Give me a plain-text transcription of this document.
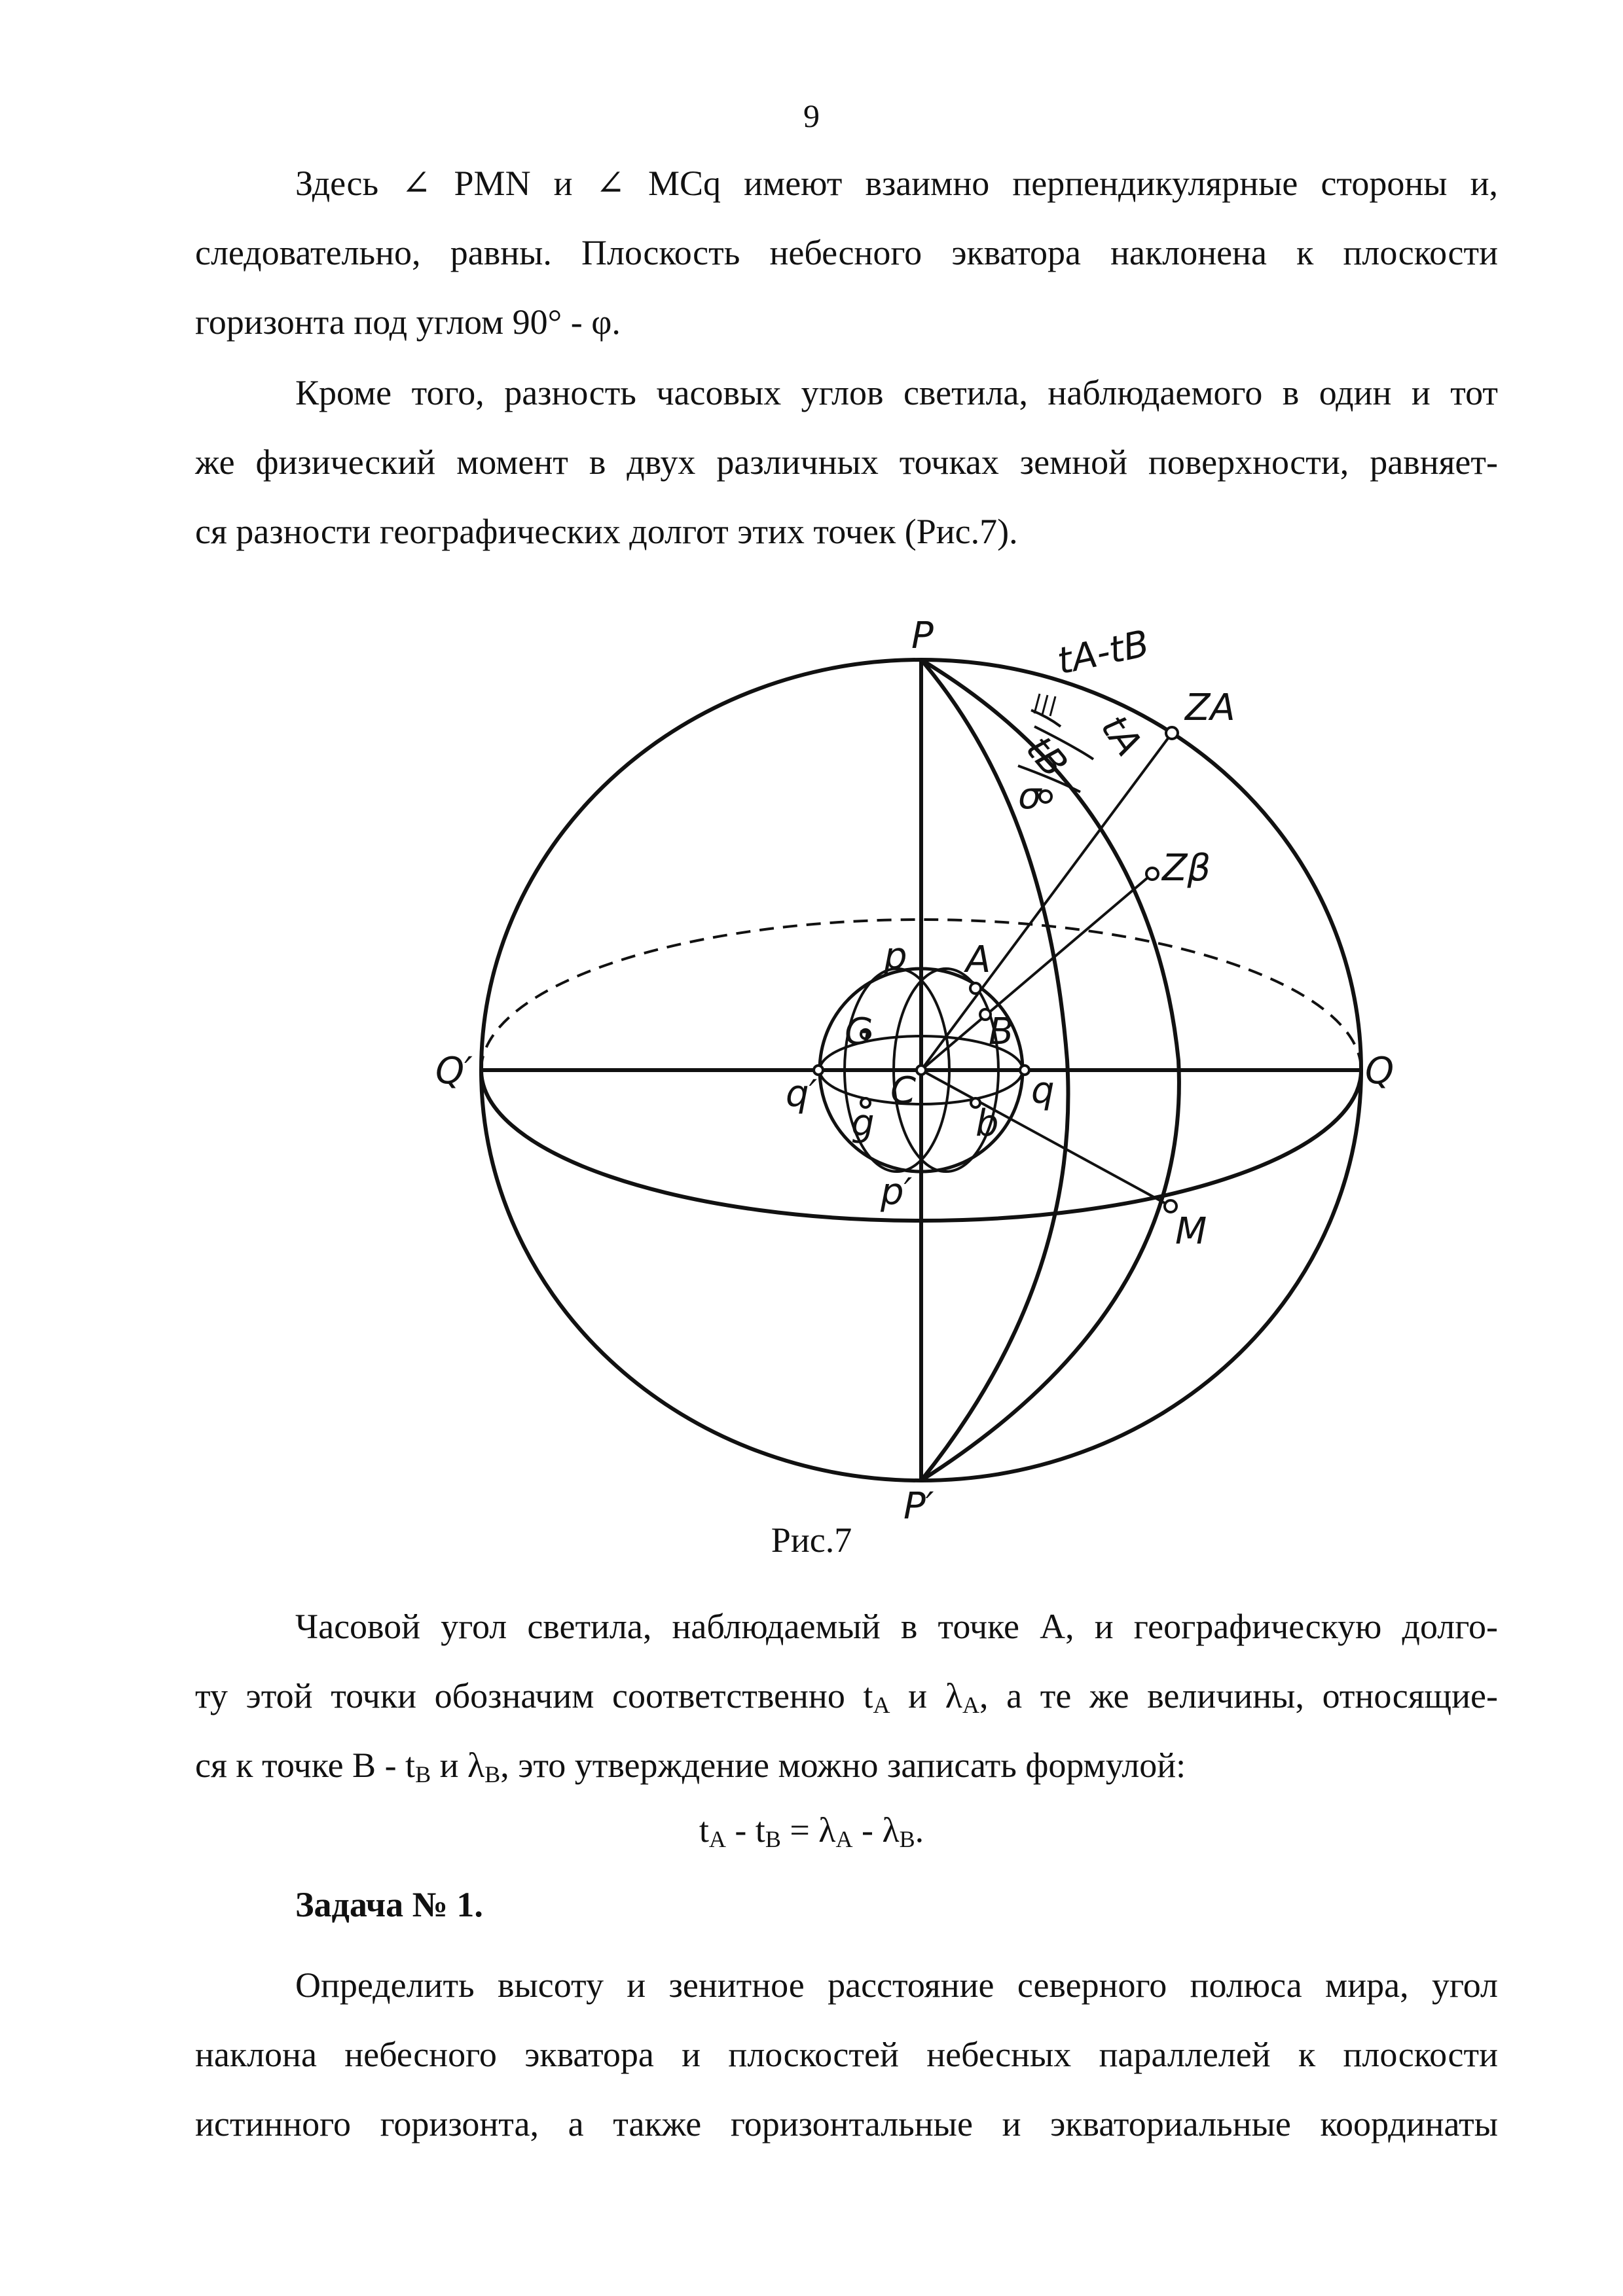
9

Здесь ∠ PMN и ∠ MCq имеют взаимно перпендикулярные стороны и,
следовательно, равны. Плоскость небесного экватора наклонена к плоскости
горизонта под углом 90° - φ.

Кроме того, разность часовых углов светила, наблюдаемого в один и тот
же физический момент в двух различных точках земной поверхности, равняет-
ся разности географических долгот этих точек (Рис.7).

P
P′
Q
Q′
tA-tB
tB tA ZA
σ
Zβ
M
p A
G	B
C	q
q′
g	b
p′
Рис.7

Часовой угол светила, наблюдаемый в точке А, и географическую долго-
ту этой точки обозначим соответственно $t_A$ и $\lambda_A$, а те же величины, относящие-
ся к точке В - $t_B$ и $\lambda_B$, это утверждение можно записать формулой:

$t_A - t_B = \lambda_A - \lambda_B$.
Задача № 1.

Определить высоту и зенитное расстояние северного полюса мира, угол
наклона небесного экватора и плоскостей небесных параллелей к плоскости
истинного горизонта, а также горизонтальные и экваториальные координаты
